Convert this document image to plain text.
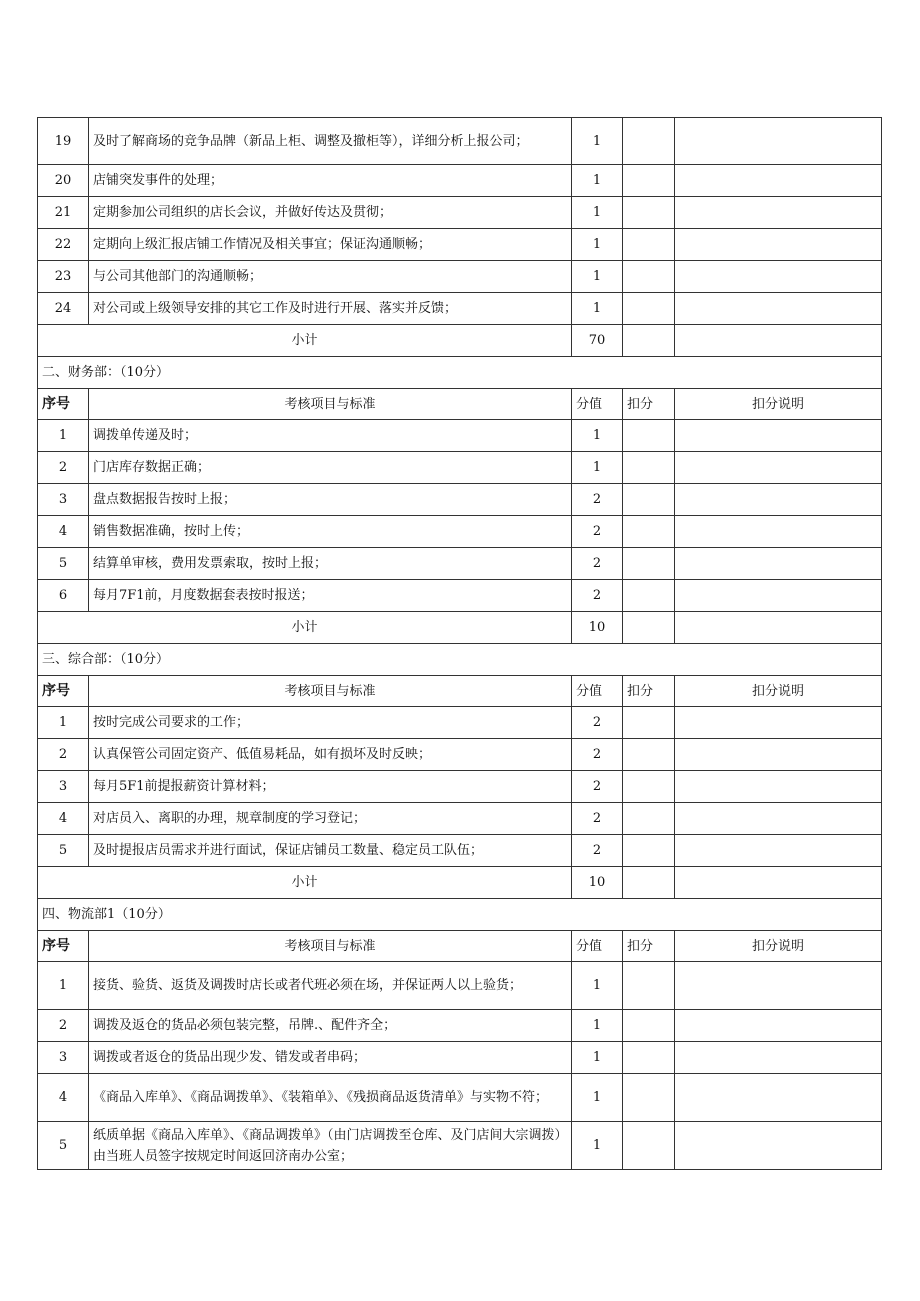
19	及时了解商场的竞争品牌（新品上柜、调整及撤柜等），详细分析上报公司；	1		
20	店铺突发事件的处理；	1		
21	定期参加公司组织的店长会议，并做好传达及贯彻；	1		
22	定期向上级汇报店铺工作情况及相关事宜；保证沟通顺畅；	1		
23	与公司其他部门的沟通顺畅；	1		
24	对公司或上级领导安排的其它工作及时进行开展、落实并反馈；	1		
小计		70		
二、财务部：（10分）				
序号	考核项目与标准	分值	扣分	扣分说明
1	调拨单传递及时；	1		
2	门店库存数据正确；	1		
3	盘点数据报告按时上报；	2		
4	销售数据准确，按时上传；	2		
5	结算单审核，费用发票索取，按时上报；	2		
6	每月7F1前，月度数据套表按时报送；	2		
小计		10		
三、综合部：（10分）				
序号	考核项目与标准	分值	扣分	扣分说明
1	按时完成公司要求的工作；	2		
2	认真保管公司固定资产、低值易耗品，如有损坏及时反映；	2		
3	每月5F1前提报薪资计算材料；	2		
4	对店员入、离职的办理，规章制度的学习登记；	2		
5	及时提报店员需求并进行面试，保证店铺员工数量、稳定员工队伍；	2		
小计		10		
四、物流部1（10分）				
序号	考核项目与标准	分值	扣分	扣分说明
1	接货、验货、返货及调拨时店长或者代班必须在场，并保证两人以上验货；	1		
2	调拨及返仓的货品必须包装完整，吊牌.、配件齐全；	1		
3	调拨或者返仓的货品出现少发、错发或者串码；	1		
4	《商品入库单》、《商品调拨单》、《装箱单》、《残损商品返货清单》与实物不符；	1		
5	纸质单据《商品入库单》、《商品调拨单》（由门店调拨至仓库、及门店间大宗调拨）由当班人员签字按规定时间返回济南办公室；	1		
